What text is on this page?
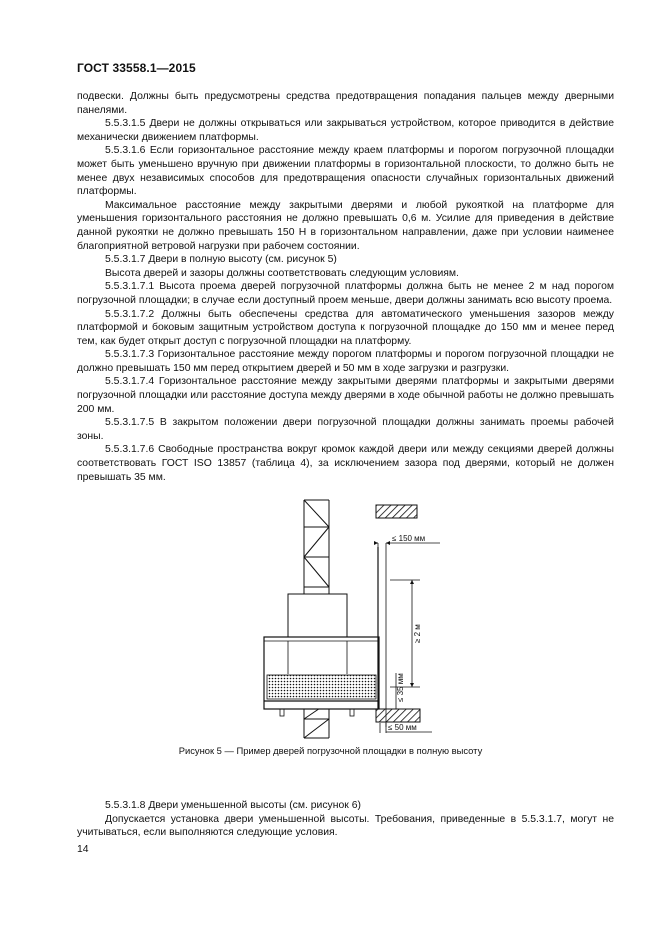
ГОСТ 33558.1—2015

подвески. Должны быть предусмотрены средства предотвращения попадания пальцев между дверными панелями.

5.5.3.1.5 Двери не должны открываться или закрываться устройством, которое приводится в действие механически движением платформы.

5.5.3.1.6 Если горизонтальное расстояние между краем платформы и порогом погрузочной площадки может быть уменьшено вручную при движении платформы в горизонтальной плоскости, то должно быть не менее двух независимых способов для предотвращения опасности случайных горизонтальных движений платформы.

Максимальное расстояние между закрытыми дверями и любой рукояткой на платформе для уменьшения горизонтального расстояния не должно превышать 0,6 м. Усилие для приведения в действие данной рукоятки не должно превышать 150 Н в горизонтальном направлении, даже при условии наименее благоприятной ветровой нагрузки при рабочем состоянии.

5.5.3.1.7 Двери в полную высоту (см. рисунок 5)

Высота дверей и зазоры должны соответствовать следующим условиям.

5.5.3.1.7.1 Высота проема дверей погрузочной платформы должна быть не менее 2 м над порогом погрузочной площадки; в случае если доступный проем меньше, двери должны занимать всю высоту проема.

5.5.3.1.7.2 Должны быть обеспечены средства для автоматического уменьшения зазоров между платформой и боковым защитным устройством доступа к погрузочной площадке до 150 мм и менее перед тем, как будет открыт доступ с погрузочной площадки на платформу.

5.5.3.1.7.3 Горизонтальное расстояние между порогом платформы и порогом погрузочной площадки не должно превышать 150 мм перед открытием дверей и 50 мм в ходе загрузки и разгрузки.

5.5.3.1.7.4 Горизонтальное расстояние между закрытыми дверями платформы и закрытыми дверями погрузочной площадки или расстояние доступа между дверями в ходе обычной работы не должно превышать 200 мм.

5.5.3.1.7.5 В закрытом положении двери погрузочной площадки должны занимать проемы рабочей зоны.

5.5.3.1.7.6 Свободные пространства вокруг кромок каждой двери или между секциями дверей должны соответствовать ГОСТ ISO 13857 (таблица 4), за исключением зазора под дверями, который не должен превышать 35 мм.

≤ 150 мм
≥ 2 м
≤ 35 мм
≤ 50 мм
Рисунок 5 — Пример дверей погрузочной площадки в полную высоту

5.5.3.1.8 Двери уменьшенной высоты (см. рисунок 6)

Допускается установка двери уменьшенной высоты. Требования, приведенные в 5.5.3.1.7, могут не учитываться, если выполняются следующие условия.

14
